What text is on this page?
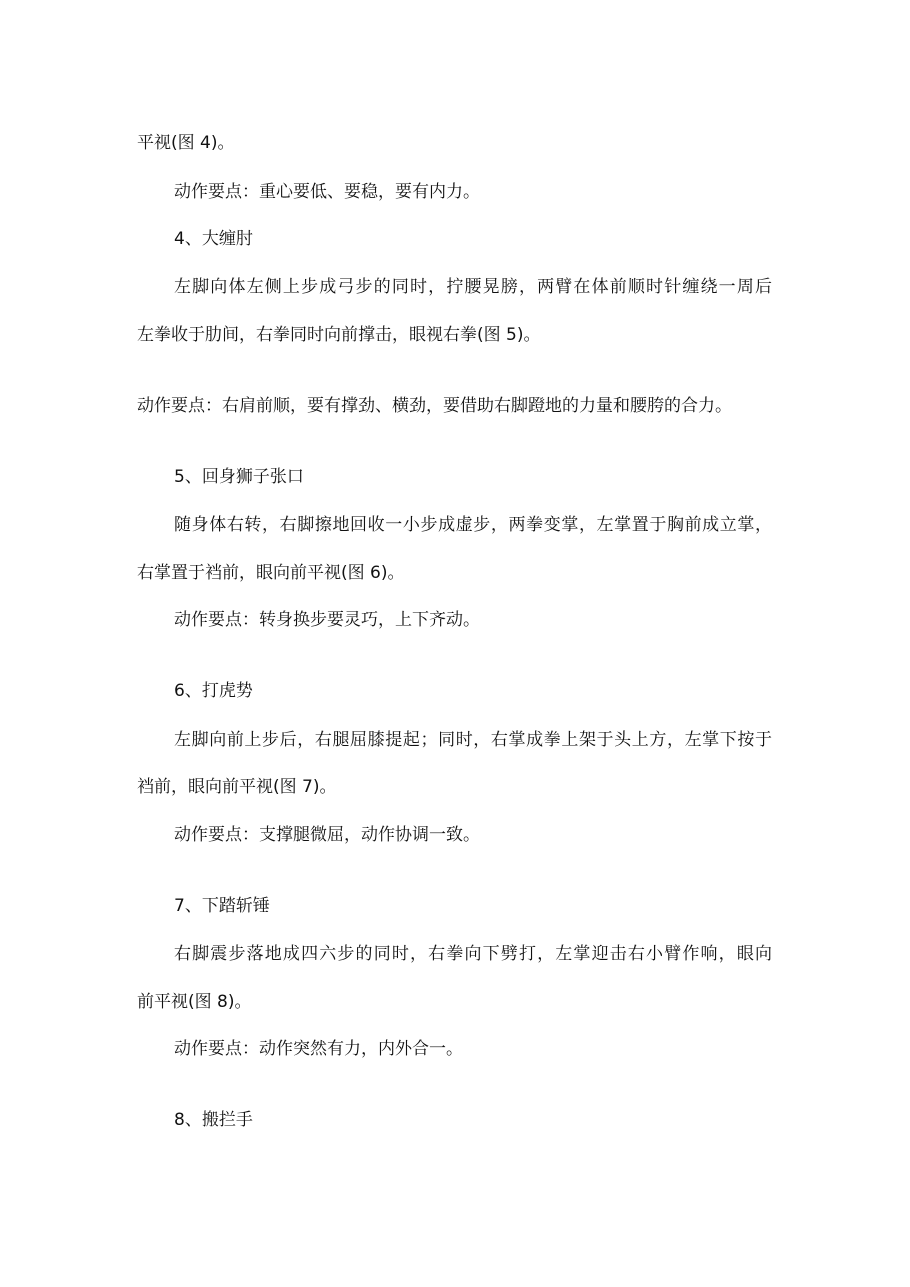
平视(图 4)。
动作要点：重心要低、要稳，要有内力。
4、大缠肘
左脚向体左侧上步成弓步的同时，拧腰晃膀，两臂在体前顺时针缠绕一周后
左拳收于肋间，右拳同时向前撑击，眼视右拳(图 5)。
动作要点：右肩前顺，要有撑劲、横劲，要借助右脚蹬地的力量和腰胯的合力。
5、回身狮子张口
随身体右转，右脚擦地回收一小步成虚步，两拳变掌，左掌置于胸前成立掌，
右掌置于裆前，眼向前平视(图 6)。
动作要点：转身换步要灵巧，上下齐动。
6、打虎势
左脚向前上步后，右腿屈膝提起；同时，右掌成拳上架于头上方，左掌下按于
裆前，眼向前平视(图 7)。
动作要点：支撑腿微屈，动作协调一致。
7、下踏斩锤
右脚震步落地成四六步的同时，右拳向下劈打，左掌迎击右小臂作响，眼向
前平视(图 8)。
动作要点：动作突然有力，内外合一。
8、搬拦手
